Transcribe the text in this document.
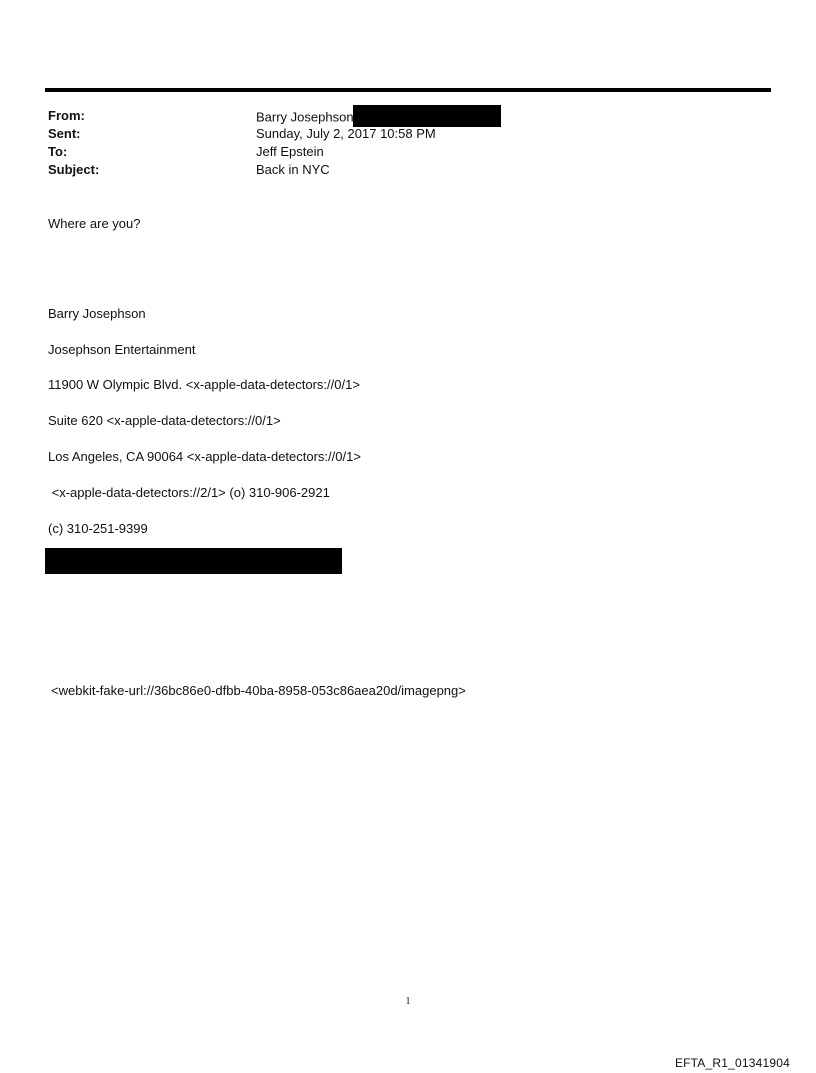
From:	Barry Josephson
Sent:	Sunday, July 2, 2017 10:58 PM
To:	Jeff Epstein
Subject:	Back in NYC
Where are you?
Barry Josephson
Josephson Entertainment
11900 W Olympic Blvd. <x-apple-data-detectors://0/1>
Suite 620 <x-apple-data-detectors://0/1>
Los Angeles, CA 90064 <x-apple-data-detectors://0/1>
<x-apple-data-detectors://2/1> (o) 310-906-2921
(c) 310-251-9399
<webkit-fake-url://36bc86e0-dfbb-40ba-8958-053c86aea20d/imagepng>
1
EFTA_R1_01341904
